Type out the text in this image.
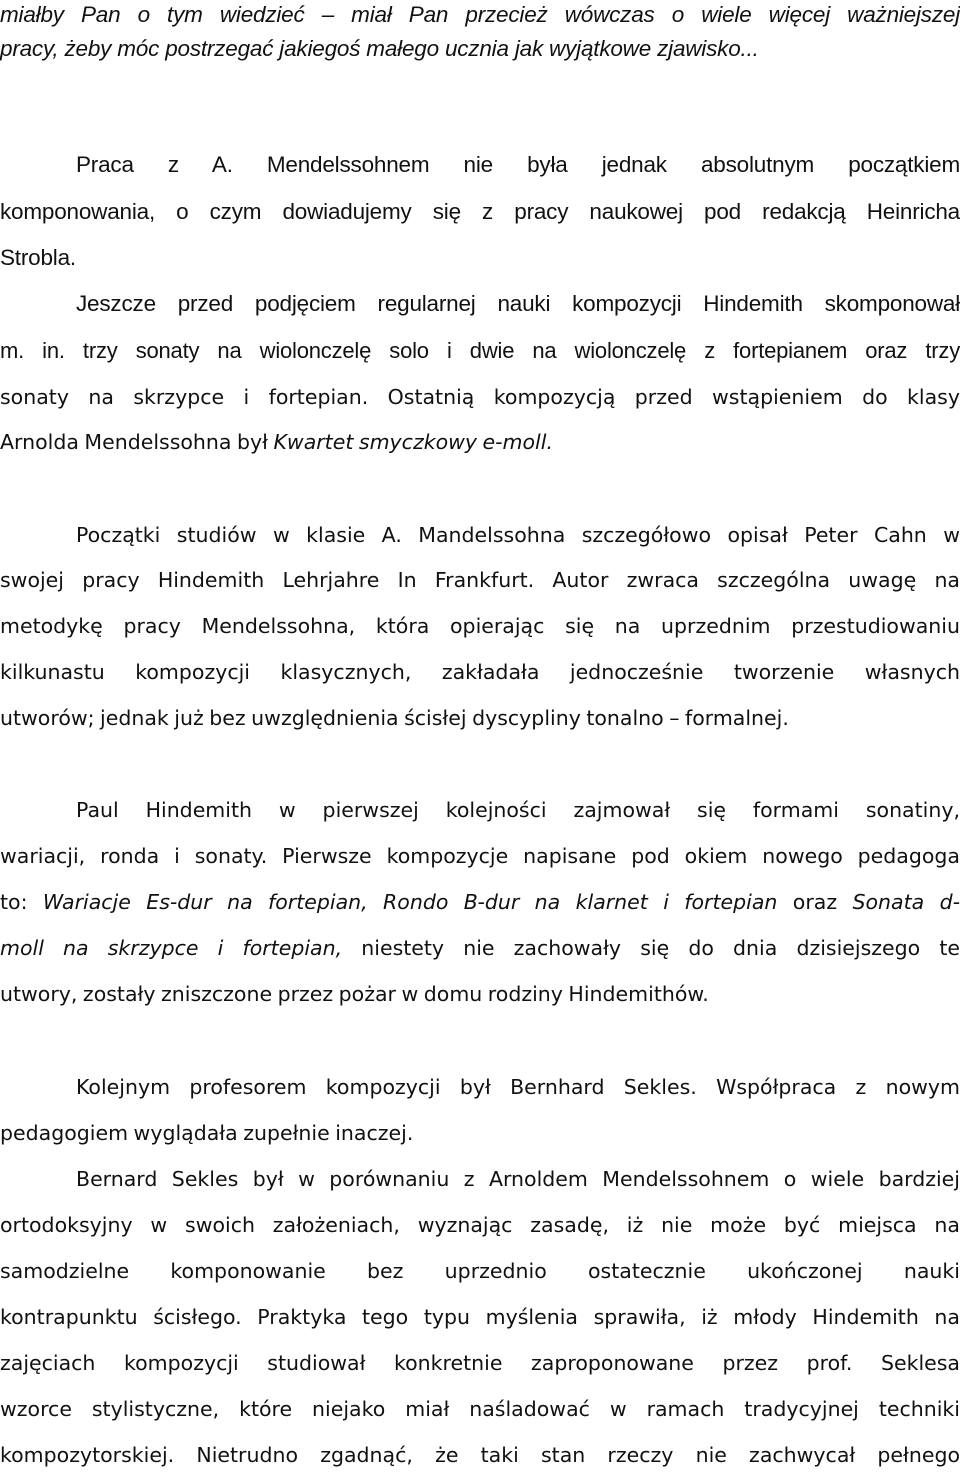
miałby Pan o tym wiedzieć – miał Pan przecież wówczas o wiele więcej ważniejszej

pracy, żeby móc postrzegać jakiegoś małego ucznia jak wyjątkowe zjawisko...

Praca z A. Mendelssohnem nie była jednak absolutnym początkiem

komponowania, o czym dowiadujemy się z pracy naukowej pod redakcją Heinricha

Strobla.

Jeszcze przed podjęciem regularnej nauki kompozycji Hindemith skomponował

m. in. trzy sonaty na wiolonczelę solo i dwie na wiolonczelę z fortepianem oraz trzy

sonaty na skrzypce i fortepian. Ostatnią kompozycją przed wstąpieniem do klasy

Arnolda Mendelssohna był Kwartet smyczkowy e-moll.

Początki studiów w klasie A. Mandelssohna szczegółowo opisał Peter Cahn w

swojej pracy Hindemith Lehrjahre In Frankfurt. Autor zwraca szczególna uwagę na

metodykę pracy Mendelssohna, która opierając się na uprzednim przestudiowaniu

kilkunastu kompozycji klasycznych, zakładała jednocześnie tworzenie własnych

utworów; jednak już bez uwzględnienia ścisłej dyscypliny tonalno – formalnej.

Paul Hindemith w pierwszej kolejności zajmował się formami sonatiny,

wariacji, ronda i sonaty. Pierwsze kompozycje napisane pod okiem nowego pedagoga

to: Wariacje Es-dur na fortepian, Rondo B-dur na klarnet i fortepian oraz Sonata d-

moll na skrzypce i fortepian, niestety nie zachowały się do dnia dzisiejszego te

utwory, zostały zniszczone przez pożar w domu rodziny Hindemithów.

Kolejnym profesorem kompozycji był Bernhard Sekles. Współpraca z nowym

pedagogiem wyglądała zupełnie inaczej.

Bernard Sekles był w porównaniu z Arnoldem Mendelssohnem o wiele bardziej

ortodoksyjny w swoich założeniach, wyznając zasadę, iż nie może być miejsca na

samodzielne komponowanie bez uprzednio ostatecznie ukończonej nauki

kontrapunktu ścisłego. Praktyka tego typu myślenia sprawiła, iż młody Hindemith na

zajęciach kompozycji studiował konkretnie zaproponowane przez prof. Seklesa

wzorce stylistyczne, które niejako miał naśladować w ramach tradycyjnej techniki

kompozytorskiej. Nietrudno zgadnąć, że taki stan rzeczy nie zachwycał pełnego
